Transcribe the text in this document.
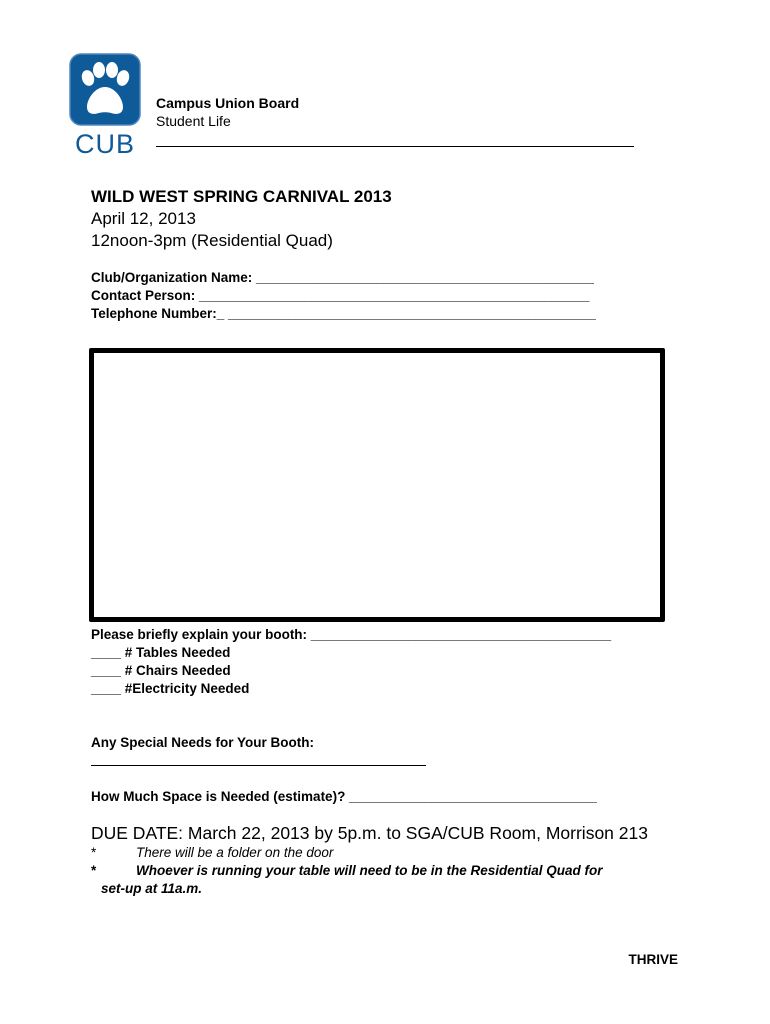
CUB
Campus Union Board
Student Life
WILD WEST SPRING CARNIVAL 2013
April 12, 2013
12noon-3pm (Residential Quad)
Club/Organization Name: _____________________________________________
Contact Person: ____________________________________________________
Telephone Number:_ _________________________________________________
Please briefly explain your booth: ________________________________________
____ # Tables Needed
____ # Chairs Needed
____ #Electricity Needed
Any Special Needs for Your Booth:
How Much Space is Needed (estimate)? _________________________________
DUE DATE: March 22, 2013 by 5p.m. to SGA/CUB Room, Morrison 213
*	There will be a folder on the door
*	Whoever is running your table will need to be in the Residential Quad for
set-up at 11a.m.
THRIVE
